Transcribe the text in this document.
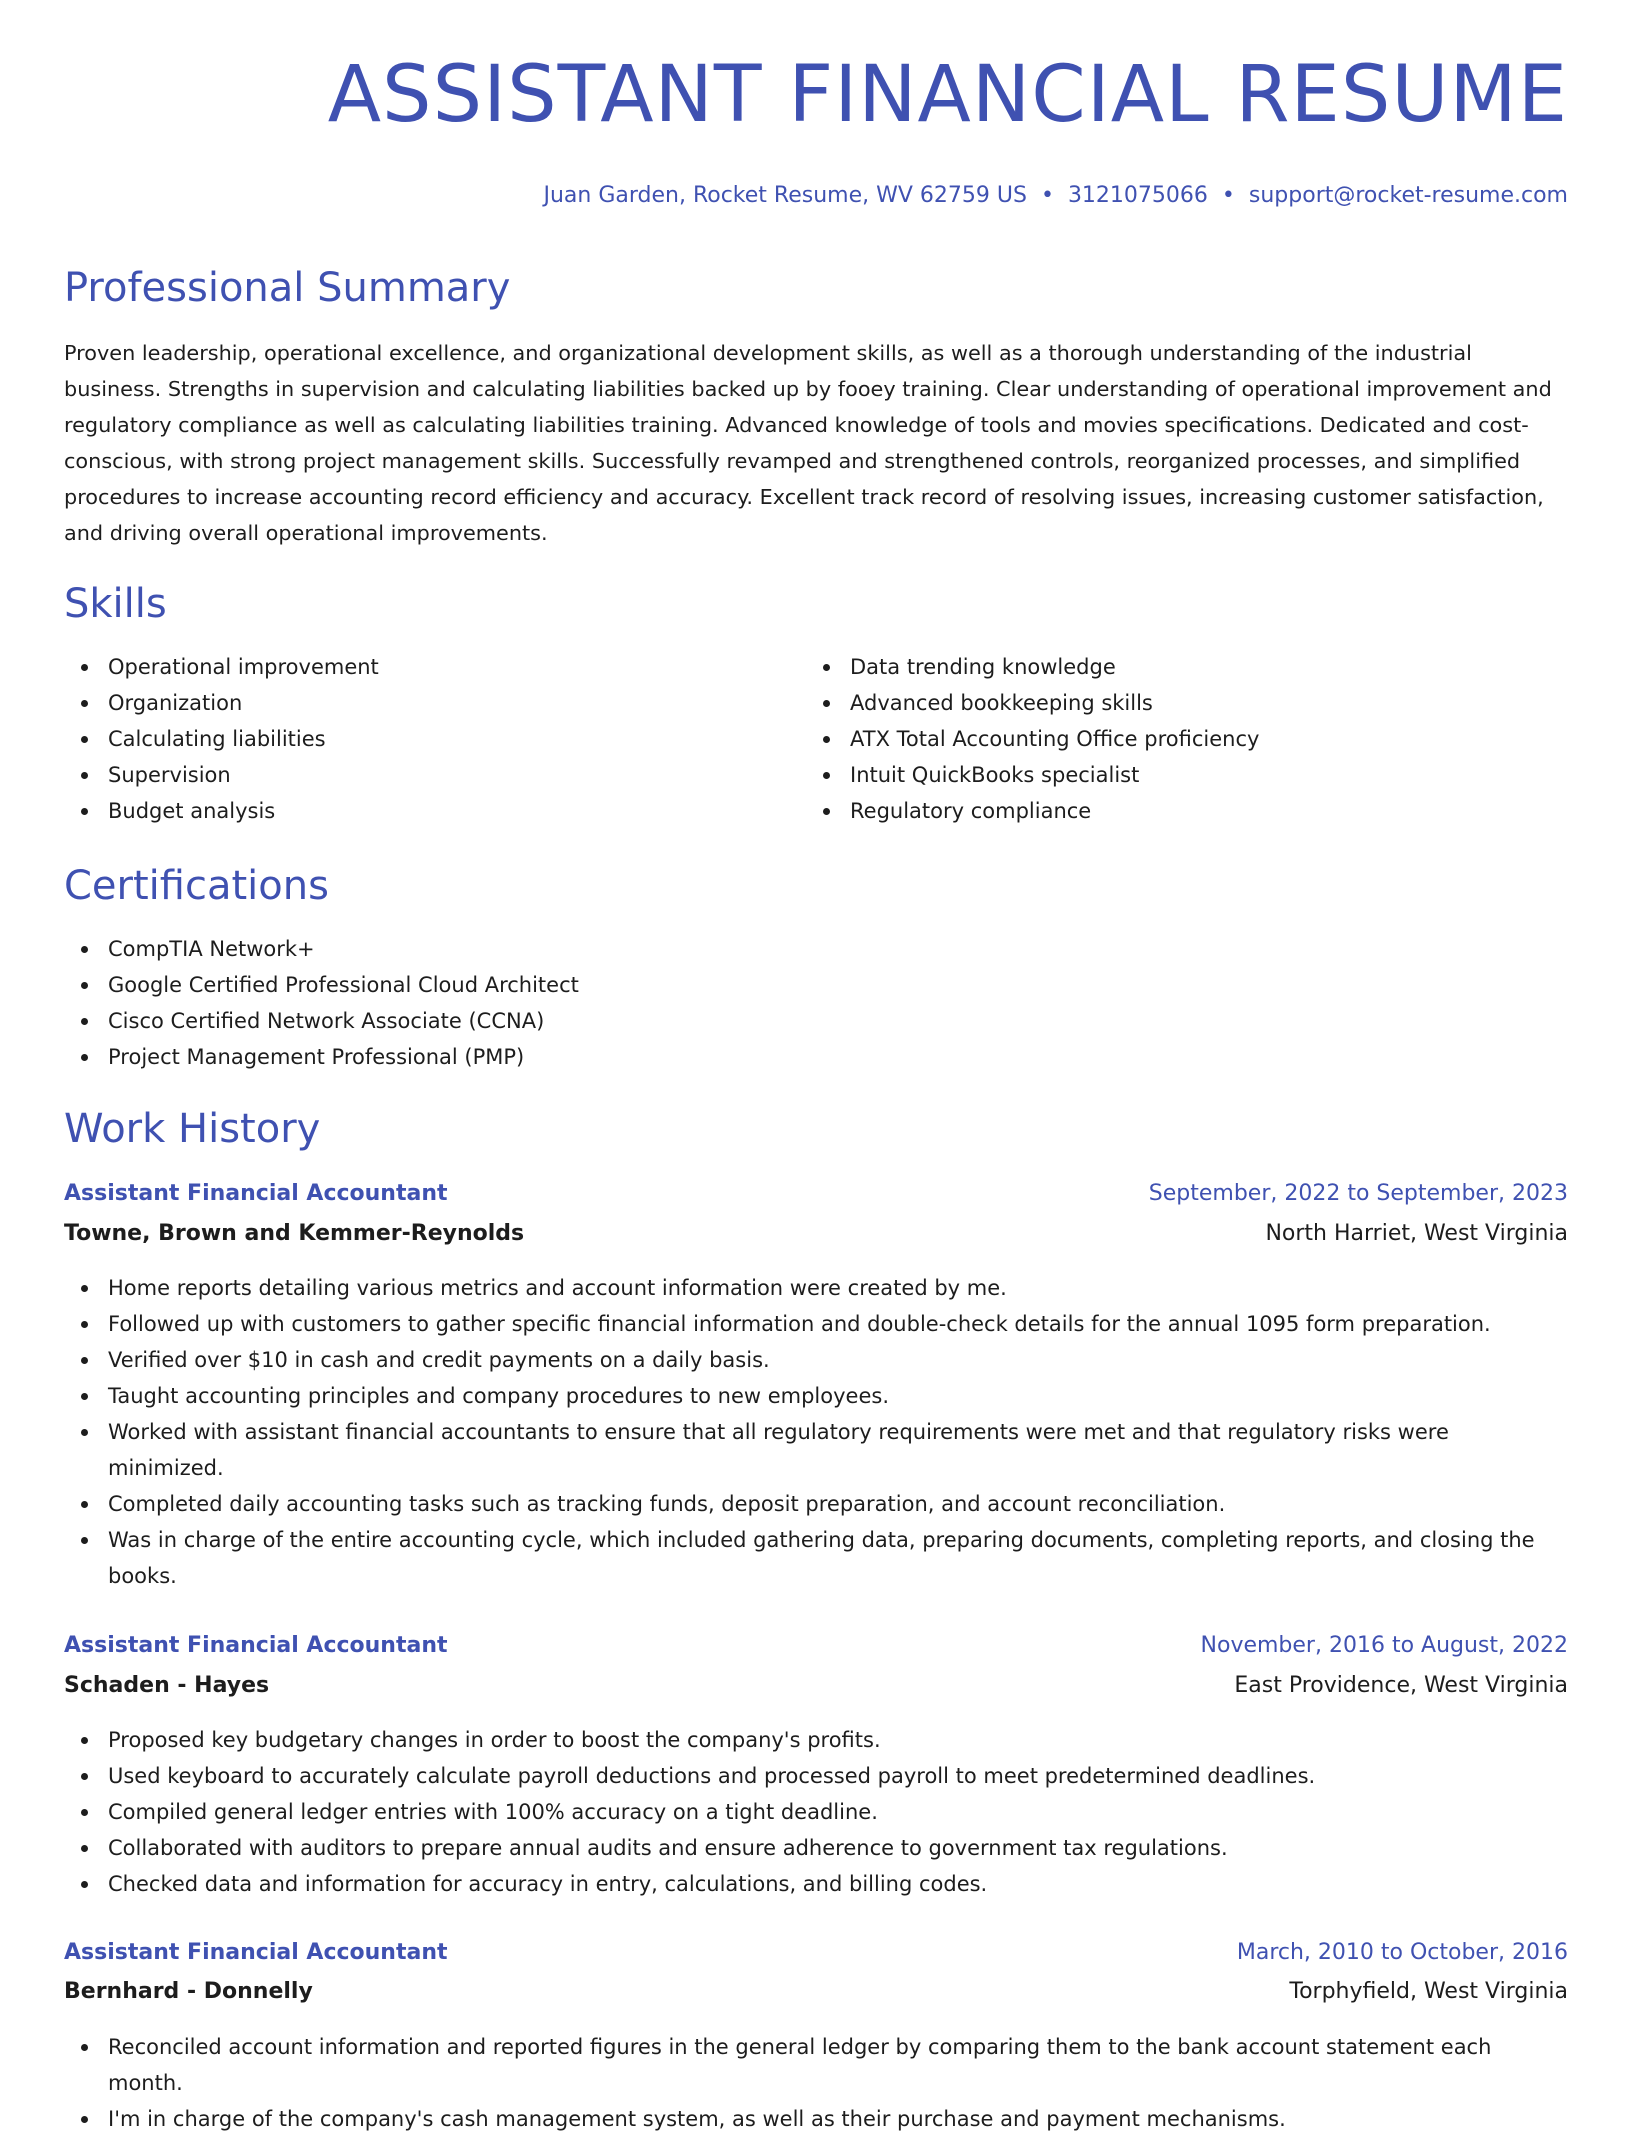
ASSISTANT FINANCIAL RESUME
Juan Garden, Rocket Resume, WV 62759 US • 3121075066 • support@rocket-resume.com
Professional Summary
Proven leadership, operational excellence, and organizational development skills, as well as a thorough understanding of the industrial business. Strengths in supervision and calculating liabilities backed up by fooey training. Clear understanding of operational improvement and regulatory compliance as well as calculating liabilities training. Advanced knowledge of tools and movies specifications. Dedicated and cost-conscious, with strong project management skills. Successfully revamped and strengthened controls, reorganized processes, and simplified procedures to increase accounting record efficiency and accuracy. Excellent track record of resolving issues, increasing customer satisfaction, and driving overall operational improvements.
Skills
Operational improvement
Organization
Calculating liabilities
Supervision
Budget analysis
Data trending knowledge
Advanced bookkeeping skills
ATX Total Accounting Office proficiency
Intuit QuickBooks specialist
Regulatory compliance
Certifications
CompTIA Network+
Google Certified Professional Cloud Architect
Cisco Certified Network Associate (CCNA)
Project Management Professional (PMP)
Work History
Assistant Financial Accountant	September, 2022 to September, 2023
Towne, Brown and Kemmer-Reynolds	North Harriet, West Virginia
Home reports detailing various metrics and account information were created by me.
Followed up with customers to gather specific financial information and double-check details for the annual 1095 form preparation.
Verified over $10 in cash and credit payments on a daily basis.
Taught accounting principles and company procedures to new employees.
Worked with assistant financial accountants to ensure that all regulatory requirements were met and that regulatory risks were minimized.
Completed daily accounting tasks such as tracking funds, deposit preparation, and account reconciliation.
Was in charge of the entire accounting cycle, which included gathering data, preparing documents, completing reports, and closing the books.
Assistant Financial Accountant	November, 2016 to August, 2022
Schaden - Hayes	East Providence, West Virginia
Proposed key budgetary changes in order to boost the company's profits.
Used keyboard to accurately calculate payroll deductions and processed payroll to meet predetermined deadlines.
Compiled general ledger entries with 100% accuracy on a tight deadline.
Collaborated with auditors to prepare annual audits and ensure adherence to government tax regulations.
Checked data and information for accuracy in entry, calculations, and billing codes.
Assistant Financial Accountant	March, 2010 to October, 2016
Bernhard - Donnelly	Torphyfield, West Virginia
Reconciled account information and reported figures in the general ledger by comparing them to the bank account statement each month.
I'm in charge of the company's cash management system, as well as their purchase and payment mechanisms.
